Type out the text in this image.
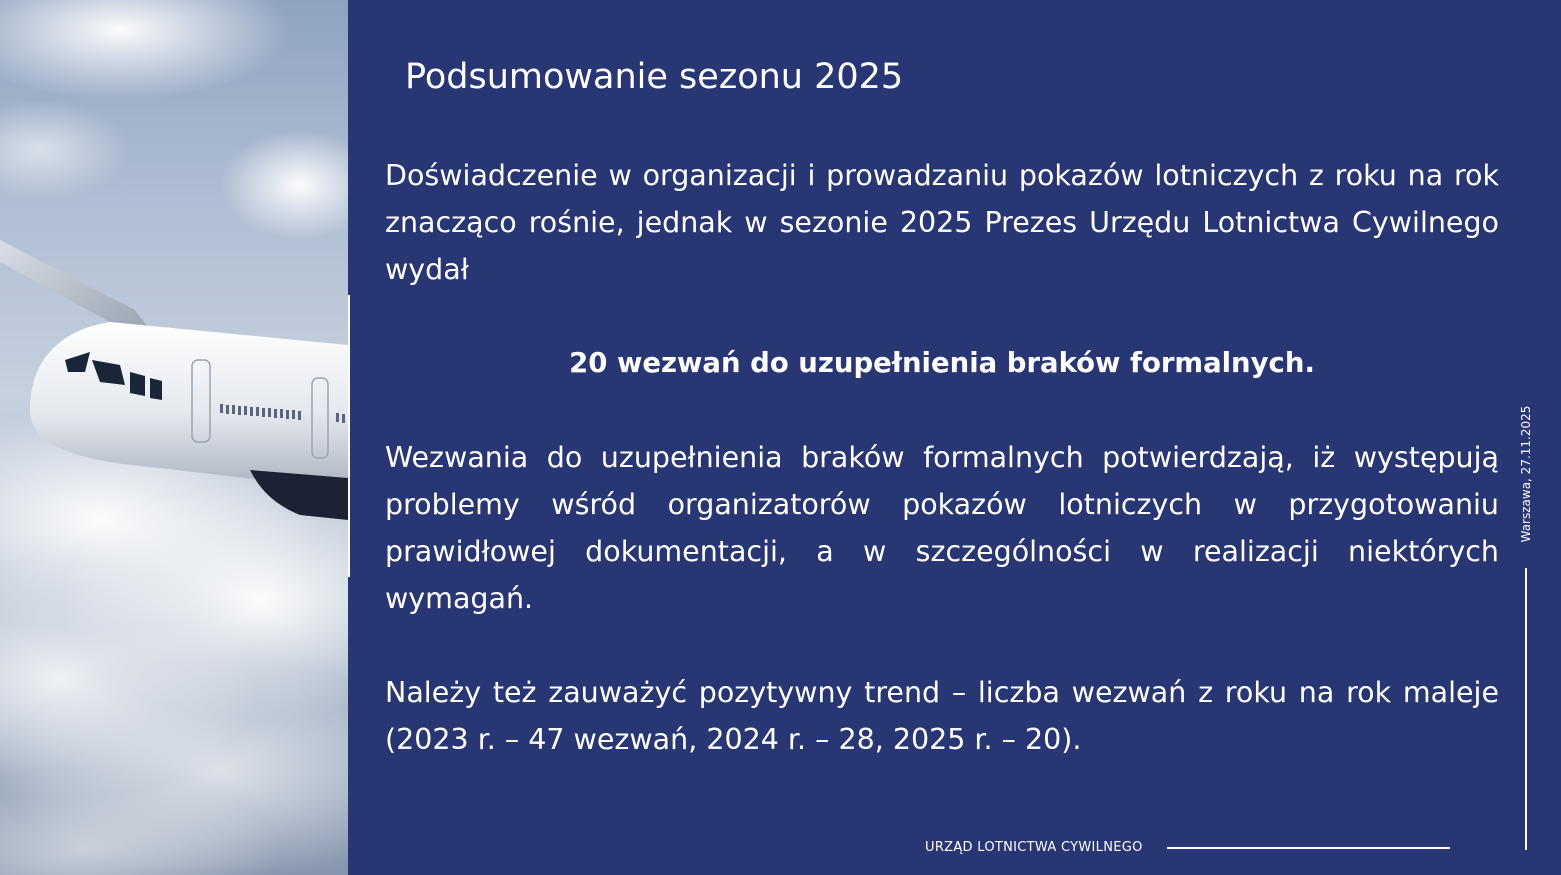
Podsumowanie sezonu 2025
Doświadczenie w organizacji i prowadzaniu pokazów lotniczych z roku na rok znacząco rośnie, jednak w sezonie 2025 Prezes Urzędu Lotnictwa Cywilnego wydał
20 wezwań do uzupełnienia braków formalnych.
Wezwania do uzupełnienia braków formalnych potwierdzają, iż występują problemy wśród organizatorów pokazów lotniczych w przygotowaniu prawidłowej dokumentacji, a w szczególności w realizacji niektórych wymagań.
Należy też zauważyć pozytywny trend – liczba wezwań z roku na rok maleje (2023 r. – 47 wezwań, 2024 r. – 28, 2025 r. – 20).
URZĄD LOTNICTWA CYWILNEGO
Warszawa, 27.11.2025
